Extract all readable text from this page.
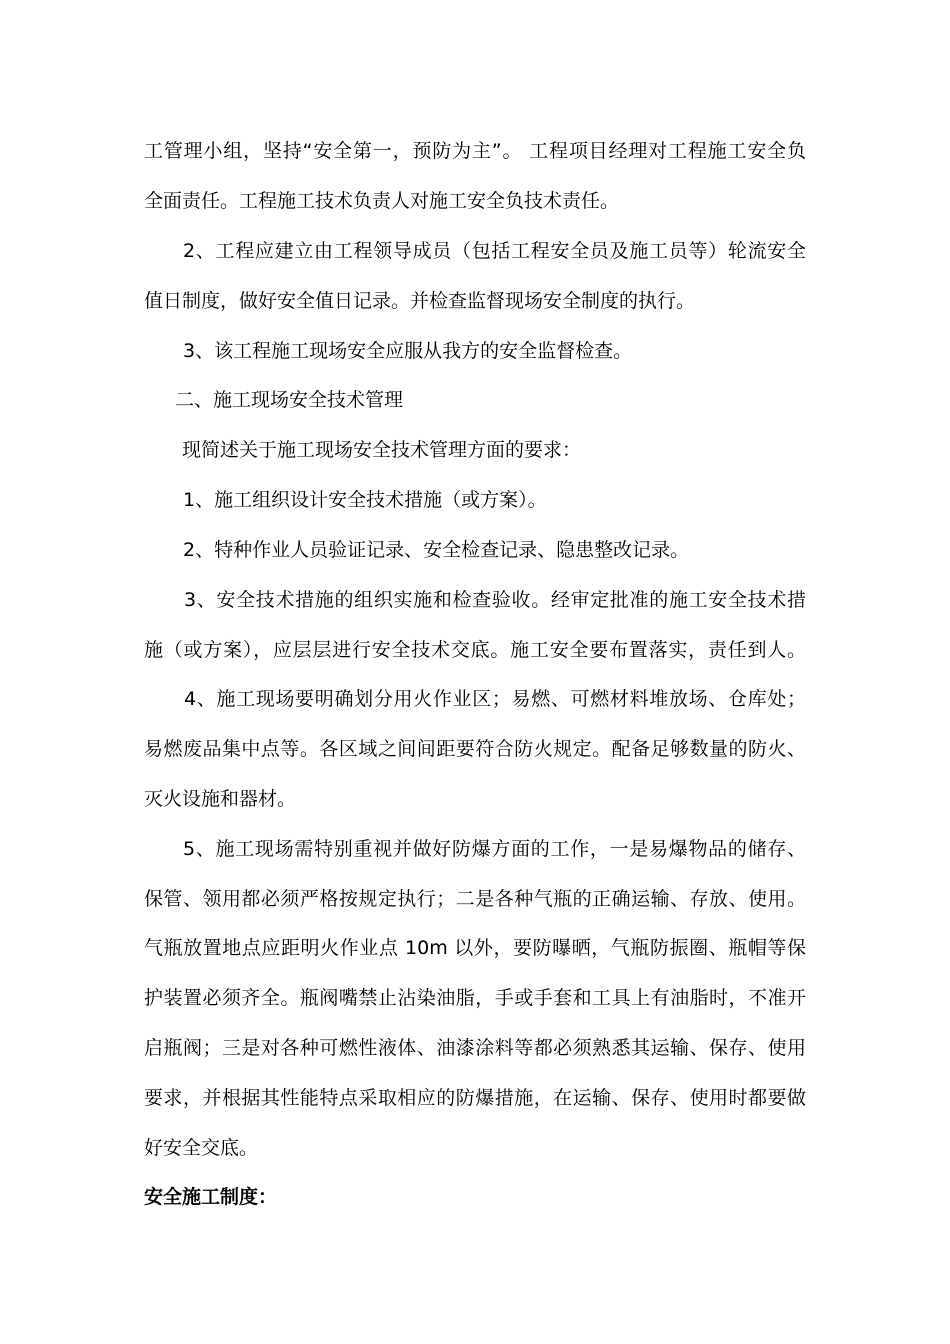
工管理小组，坚持“安全第一，预防为主”。 工程项目经理对工程施工安全负
全面责任。工程施工技术负责人对施工安全负技术责任。
2、工程应建立由工程领导成员（包括工程安全员及施工员等）轮流安全
值日制度，做好安全值日记录。并检查监督现场安全制度的执行。
3、该工程施工现场安全应服从我方的安全监督检查。
二、施工现场安全技术管理
现简述关于施工现场安全技术管理方面的要求：
1、施工组织设计安全技术措施（或方案）。
2、特种作业人员验证记录、安全检查记录、隐患整改记录。
3、安全技术措施的组织实施和检查验收。经审定批准的施工安全技术措
施（或方案），应层层进行安全技术交底。施工安全要布置落实，责任到人。
4、施工现场要明确划分用火作业区；易燃、可燃材料堆放场、仓库处；
易燃废品集中点等。各区域之间间距要符合防火规定。配备足够数量的防火、
灭火设施和器材。
5、施工现场需特别重视并做好防爆方面的工作，一是易爆物品的储存、
保管、领用都必须严格按规定执行；二是各种气瓶的正确运输、存放、使用。
气瓶放置地点应距明火作业点 10m 以外，要防曝晒，气瓶防振圈、瓶帽等保
护装置必须齐全。瓶阀嘴禁止沾染油脂，手或手套和工具上有油脂时，不准开
启瓶阀；三是对各种可燃性液体、油漆涂料等都必须熟悉其运输、保存、使用
要求，并根据其性能特点采取相应的防爆措施，在运输、保存、使用时都要做
好安全交底。
安全施工制度：
